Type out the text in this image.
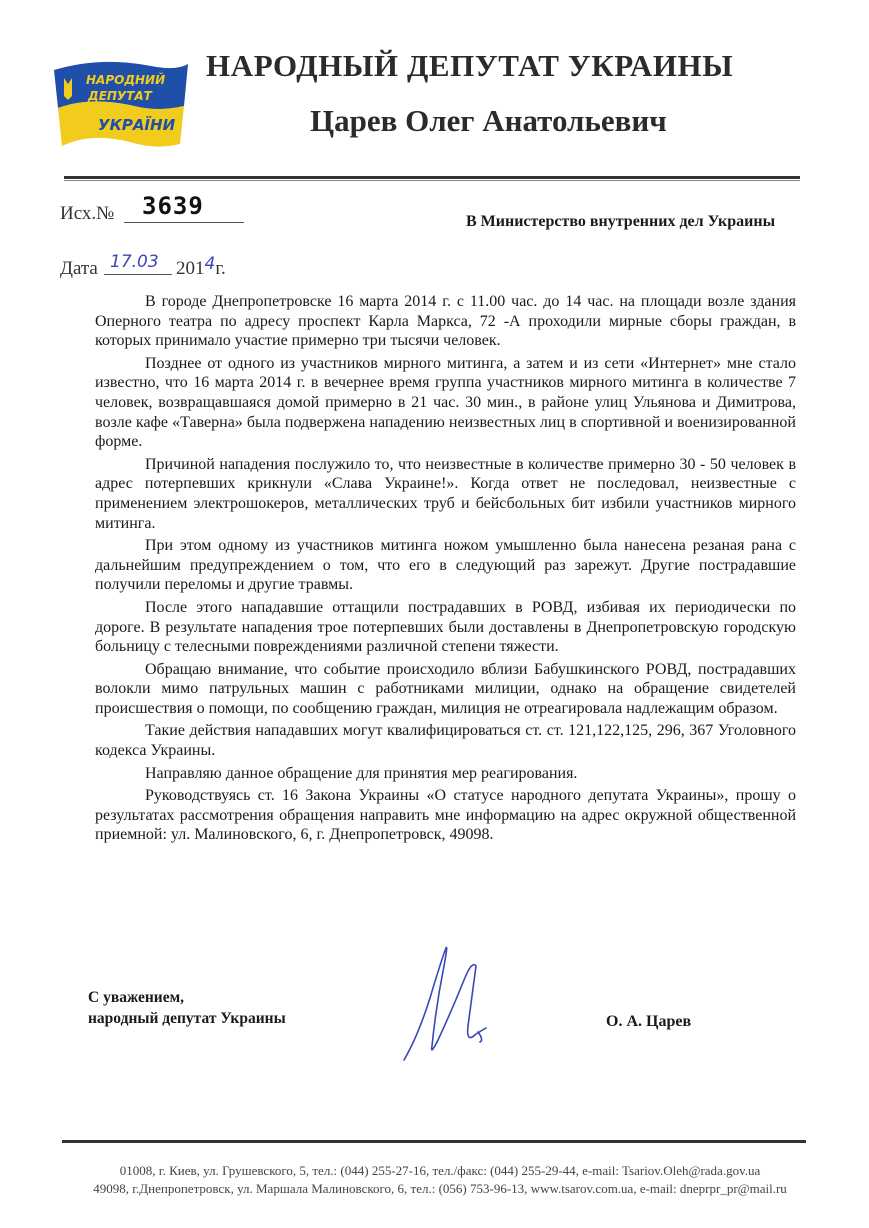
НАРОДНИЙ
ДЕПУТАТ
УКРАЇНИ
НАРОДНЫЙ ДЕПУТАТ УКРАИНЫ
Царев Олег Анатольевич
Исх.№ 3639
Дата 17.03 2014г.
В Министерство внутренних дел Украины

В городе Днепропетровске 16 марта 2014 г. с 11.00 час. до 14 час. на площади возле здания Оперного театра по адресу проспект Карла Маркса, 72 -А проходили мирные сборы граждан, в которых принимало участие примерно три тысячи человек.

Позднее от одного из участников мирного митинга, а затем и из сети «Интернет» мне стало известно, что 16 марта 2014 г. в вечернее время группа участников мирного митинга в количестве 7 человек, возвращавшаяся домой примерно в 21 час. 30 мин., в районе улиц Ульянова и Димитрова, возле кафе «Таверна» была подвержена нападению неизвестных лиц в спортивной и военизированной форме.

Причиной нападения послужило то, что неизвестные в количестве примерно 30 - 50 человек в адрес потерпевших крикнули «Слава Украине!». Когда ответ не последовал, неизвестные с применением электрошокеров, металлических труб и бейсбольных бит избили участников мирного митинга.

При этом одному из участников митинга ножом умышленно была нанесена резаная рана с дальнейшим предупреждением о том, что его в следующий раз зарежут. Другие пострадавшие получили переломы и другие травмы.

После этого нападавшие оттащили пострадавших в РОВД, избивая их периодически по дороге. В результате нападения трое потерпевших были доставлены в Днепропетровскую городскую больницу с телесными повреждениями различной степени тяжести.

Обращаю внимание, что событие происходило вблизи Бабушкинского РОВД, пострадавших волокли мимо патрульных машин с работниками милиции, однако на обращение свидетелей происшествия о помощи, по сообщению граждан, милиция не отреагировала надлежащим образом.

Такие действия нападавших могут квалифицироваться ст. ст. 121,122,125, 296, 367 Уголовного кодекса Украины.

Направляю данное обращение для принятия мер реагирования.

Руководствуясь ст. 16 Закона Украины «О статусе народного депутата Украины», прошу о результатах рассмотрения обращения направить мне информацию на адрес окружной общественной приемной: ул. Малиновского, 6, г. Днепропетровск, 49098.

С уважением,
народный депутат Украины	О. А. Царев
01008, г. Киев, ул. Грушевского, 5, тел.: (044) 255-27-16, тел./факс: (044) 255-29-44, e-mail: Tsariov.Oleh@rada.gov.ua
49098, г.Днепропетровск, ул. Маршала Малиновского, 6, тел.: (056) 753-96-13, www.tsarov.com.ua, e-mail: dneprpr_pr@mail.ru
